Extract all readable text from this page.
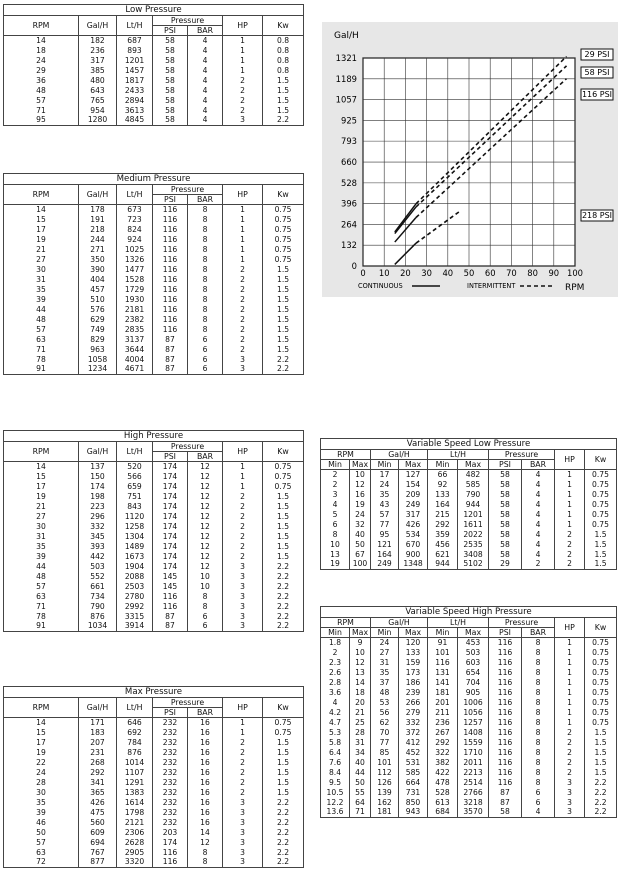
Low Pressure						
RPM	Gal/H	Lt/H	Pressure		HP	Kw
			PSI	BAR		
14	182	687	58	4	1	0.8
18	236	893	58	4	1	0.8
24	317	1201	58	4	1	0.8
29	385	1457	58	4	1	0.8
36	480	1817	58	4	2	1.5
48	643	2433	58	4	2	1.5
57	765	2894	58	4	2	1.5
71	954	3613	58	4	2	1.5
95	1280	4845	58	4	3	2.2
Medium Pressure						
RPM	Gal/H	Lt/H	Pressure		HP	Kw
			PSI	BAR		
14	178	673	116	8	1	0.75
15	191	723	116	8	1	0.75
17	218	824	116	8	1	0.75
19	244	924	116	8	1	0.75
21	271	1025	116	8	1	0.75
27	350	1326	116	8	1	0.75
30	390	1477	116	8	2	1.5
31	404	1528	116	8	2	1.5
35	457	1729	116	8	2	1.5
39	510	1930	116	8	2	1.5
44	576	2181	116	8	2	1.5
48	629	2382	116	8	2	1.5
57	749	2835	116	8	2	1.5
63	829	3137	87	6	2	1.5
71	963	3644	87	6	2	1.5
78	1058	4004	87	6	3	2.2
91	1234	4671	87	6	3	2.2
High Pressure						
RPM	Gal/H	Lt/H	Pressure		HP	Kw
			PSI	BAR		
14	137	520	174	12	1	0.75
15	150	566	174	12	1	0.75
17	174	659	174	12	1	0.75
19	198	751	174	12	2	1.5
21	223	843	174	12	2	1.5
27	296	1120	174	12	2	1.5
30	332	1258	174	12	2	1.5
31	345	1304	174	12	2	1.5
35	393	1489	174	12	2	1.5
39	442	1673	174	12	2	1.5
44	503	1904	174	12	3	2.2
48	552	2088	145	10	3	2.2
57	661	2503	145	10	3	2.2
63	734	2780	116	8	3	2.2
71	790	2992	116	8	3	2.2
78	876	3315	87	6	3	2.2
91	1034	3914	87	6	3	2.2
Max Pressure						
RPM	Gal/H	Lt/H	Pressure		HP	Kw
			PSI	BAR		
14	171	646	232	16	1	0.75
15	183	692	232	16	1	0.75
17	207	784	232	16	2	1.5
19	231	876	232	16	2	1.5
22	268	1014	232	16	2	1.5
24	292	1107	232	16	2	1.5
28	341	1291	232	16	2	1.5
30	365	1383	232	16	2	1.5
35	426	1614	232	16	3	2.2
39	475	1798	232	16	3	2.2
46	560	2121	232	16	3	2.2
50	609	2306	203	14	3	2.2
57	694	2628	174	12	3	2.2
63	767	2905	116	8	3	2.2
72	877	3320	116	8	3	2.2
Variable Speed Low Pressure									
RPM		Gal/H		Lt/H		Pressure		HP	Kw
Min	Max	Min	Max	Min	Max	PSI	BAR		
2	10	17	127	66	482	58	4	1	0.75
2	12	24	154	92	585	58	4	1	0.75
3	16	35	209	133	790	58	4	1	0.75
4	19	43	249	164	944	58	4	1	0.75
5	24	57	317	215	1201	58	4	1	0.75
6	32	77	426	292	1611	58	4	1	0.75
8	40	95	534	359	2022	58	4	2	1.5
10	50	121	670	456	2535	58	4	2	1.5
13	67	164	900	621	3408	58	4	2	1.5
19	100	249	1348	944	5102	29	2	2	1.5
Variable Speed High Pressure									
RPM		Gal/H		Lt/H		Pressure		HP	Kw
Min	Max	Min	Max	Min	Max	PSI	BAR		
1.8	9	24	120	91	453	116	8	1	0.75
2	10	27	133	101	503	116	8	1	0.75
2.3	12	31	159	116	603	116	8	1	0.75
2.6	13	35	173	131	654	116	8	1	0.75
2.8	14	37	186	141	704	116	8	1	0.75
3.6	18	48	239	181	905	116	8	1	0.75
4	20	53	266	201	1006	116	8	1	0.75
4.2	21	56	279	211	1056	116	8	1	0.75
4.7	25	62	332	236	1257	116	8	1	0.75
5.3	28	70	372	267	1408	116	8	2	1.5
5.8	31	77	412	292	1559	116	8	2	1.5
6.4	34	85	452	322	1710	116	8	2	1.5
7.6	40	101	531	382	2011	116	8	2	1.5
8.4	44	112	585	422	2213	116	8	2	1.5
9.5	50	126	664	478	2514	116	8	3	2.2
10.5	55	139	731	528	2766	87	6	3	2.2
12.2	64	162	850	613	3218	87	6	3	2.2
13.6	71	181	943	684	3570	58	4	3	2.2
Gal/H
RPM
CONTINUOUS	INTERMITTENT
0 10 20 30 40 50 60 70 80 90 100
0
132
264
396
528
660
793
925
1057
1189
1321	29 PSI
58 PSI
116 PSI
218 PSI
